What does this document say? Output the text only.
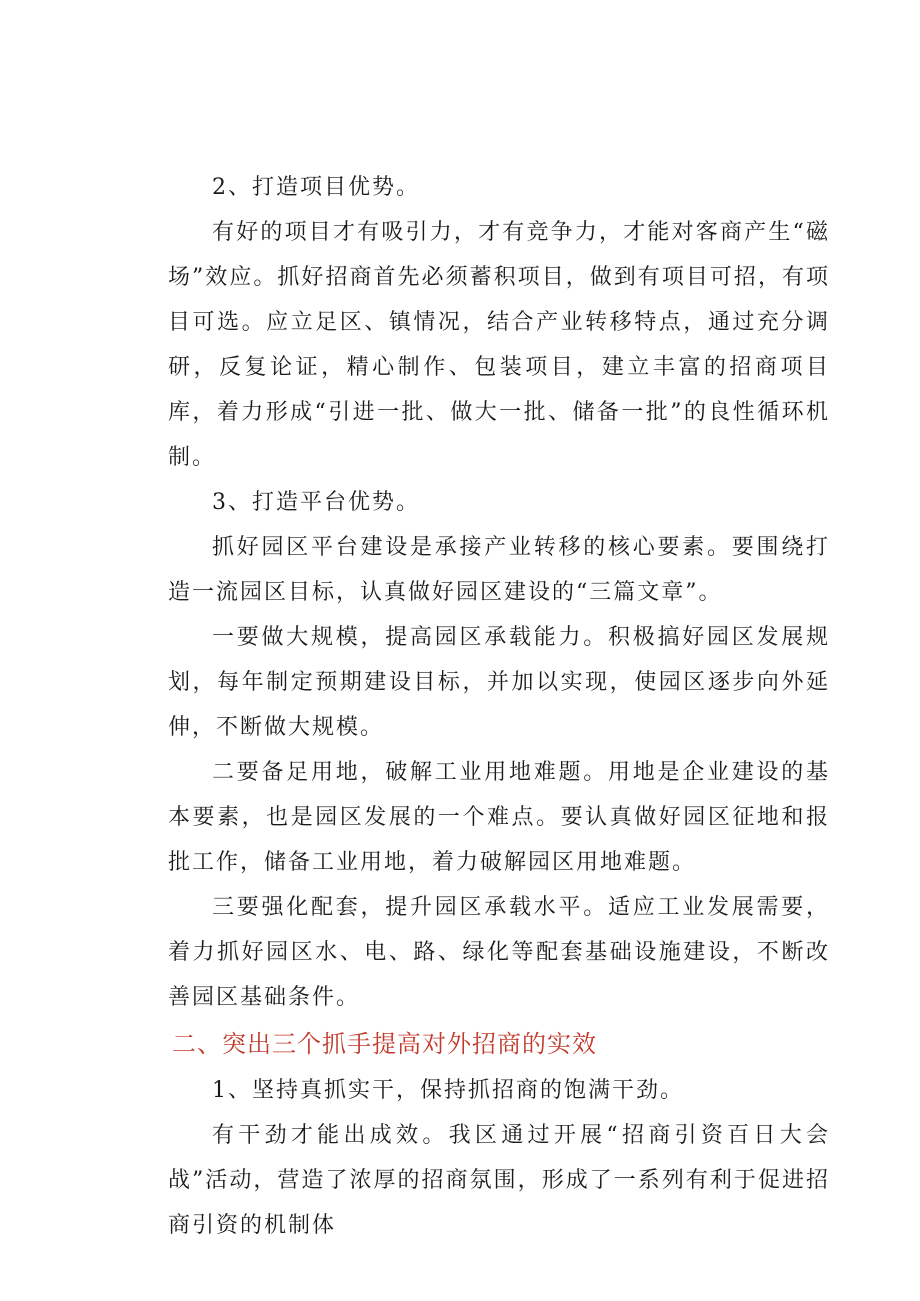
2、打造项目优势。

有好的项目才有吸引力，才有竞争力，才能对客商产生“磁场”效应。抓好招商首先必须蓄积项目，做到有项目可招，有项目可选。应立足区、镇情况，结合产业转移特点，通过充分调研，反复论证，精心制作、包装项目，建立丰富的招商项目库，着力形成“引进一批、做大一批、储备一批”的良性循环机制。

3、打造平台优势。

抓好园区平台建设是承接产业转移的核心要素。要围绕打造一流园区目标，认真做好园区建设的“三篇文章”。

一要做大规模，提高园区承载能力。积极搞好园区发展规划，每年制定预期建设目标，并加以实现，使园区逐步向外延伸，不断做大规模。

二要备足用地，破解工业用地难题。用地是企业建设的基本要素，也是园区发展的一个难点。要认真做好园区征地和报批工作，储备工业用地，着力破解园区用地难题。

三要强化配套，提升园区承载水平。适应工业发展需要，着力抓好园区水、电、路、绿化等配套基础设施建设，不断改善园区基础条件。

二、突出三个抓手提高对外招商的实效

1、坚持真抓实干，保持抓招商的饱满干劲。

有干劲才能出成效。我区通过开展“招商引资百日大会战”活动，营造了浓厚的招商氛围，形成了一系列有利于促进招商引资的机制体
